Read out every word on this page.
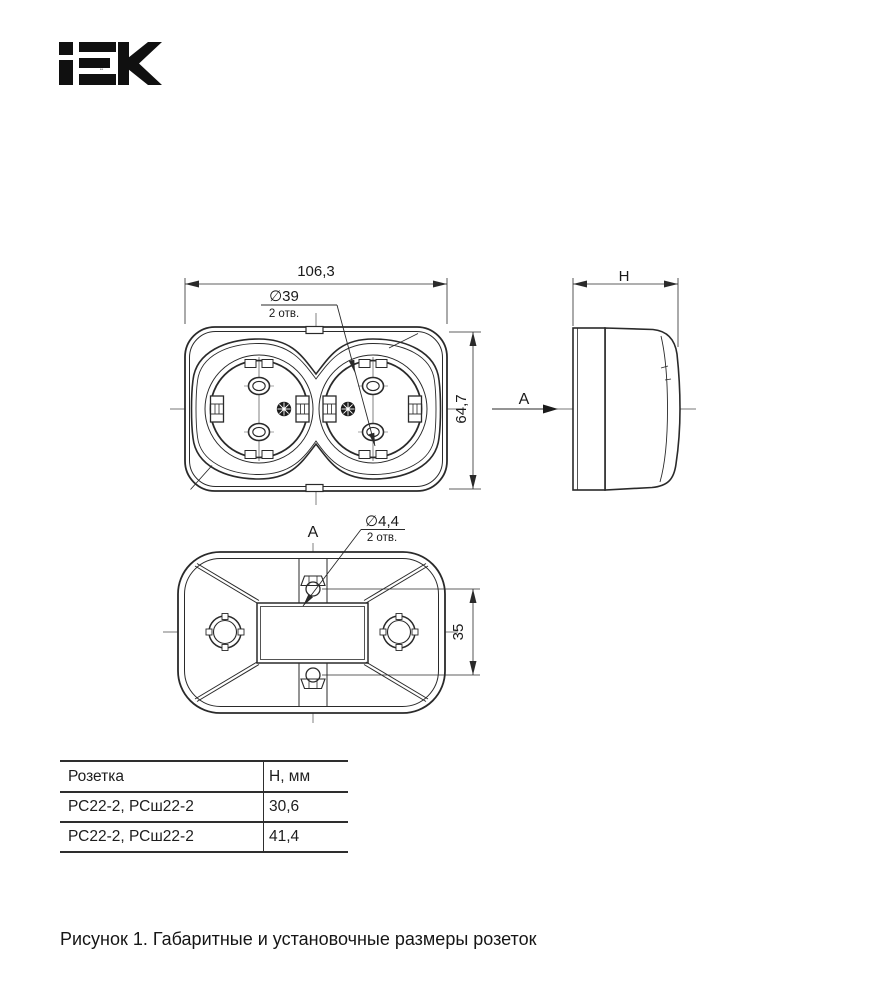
IEK
106,3
∅39
2 отв.
64,7
H
A
A
∅4,4
2 отв.
35
Розетка	Н, мм
РС22-2, РСш22-2	30,6
РС22-2, РСш22-2	41,4
Рисунок 1. Габаритные и установочные размеры розеток
